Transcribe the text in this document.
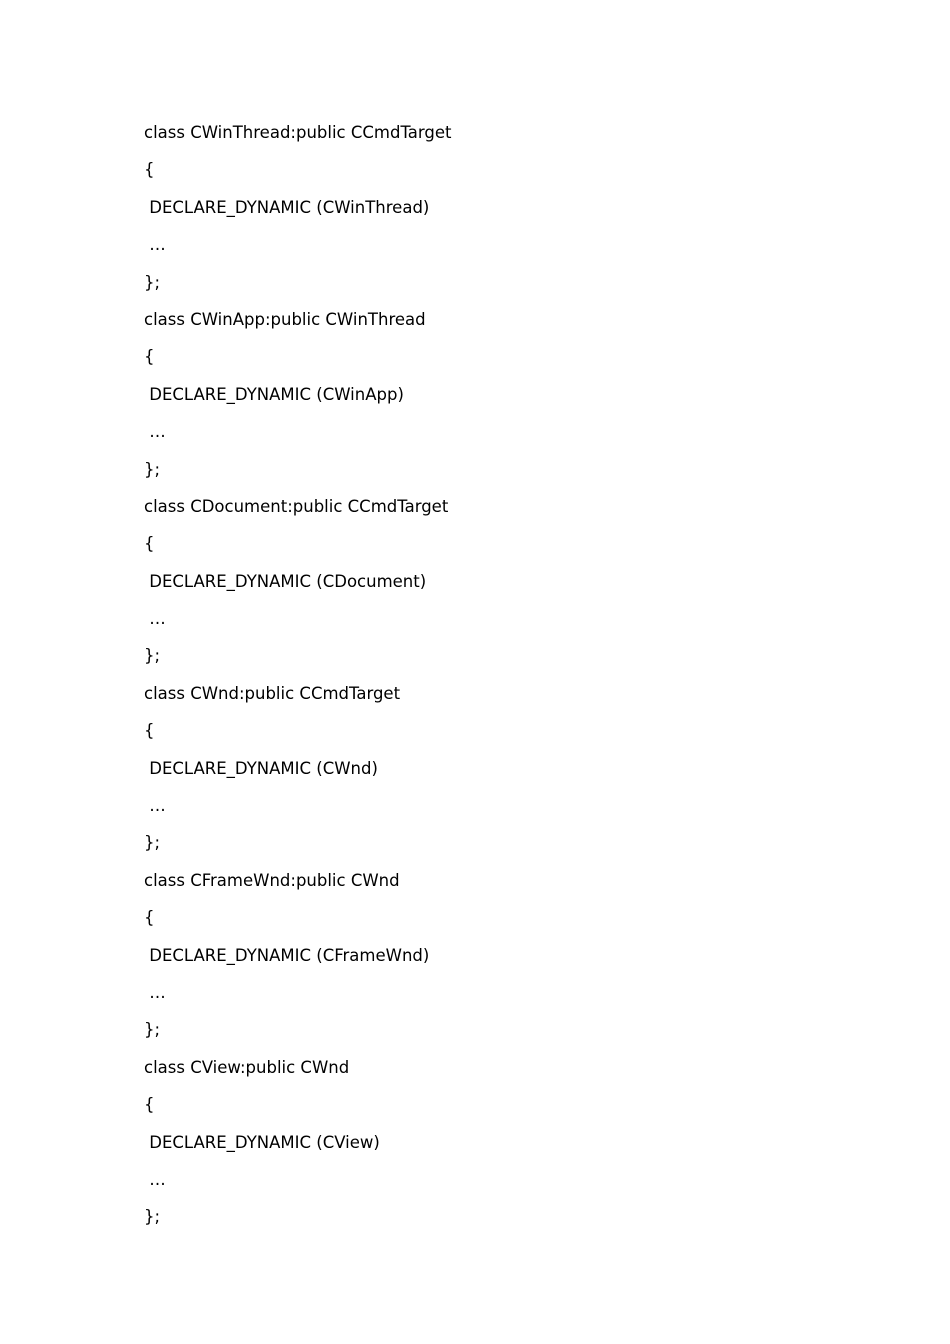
class CWinThread:public CCmdTarget
{
DECLARE_DYNAMIC (CWinThread)
…
};
class CWinApp:public CWinThread
{
DECLARE_DYNAMIC (CWinApp)
…
};
class CDocument:public CCmdTarget
{
DECLARE_DYNAMIC (CDocument)
…
};
class CWnd:public CCmdTarget
{
DECLARE_DYNAMIC (CWnd)
…
};
class CFrameWnd:public CWnd
{
DECLARE_DYNAMIC (CFrameWnd)
…
};
class CView:public CWnd
{
DECLARE_DYNAMIC (CView)
…
};
